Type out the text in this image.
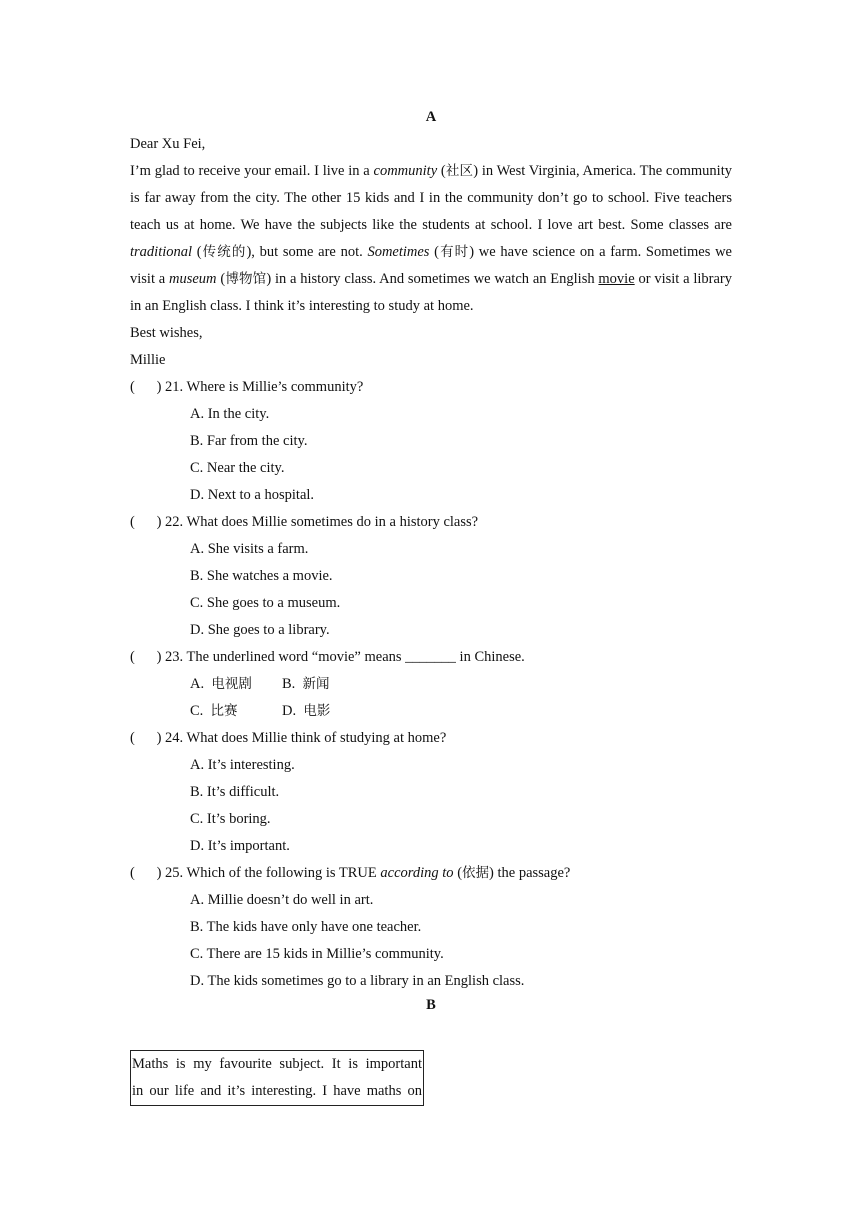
A
Dear Xu Fei,
I’m glad to receive your email. I live in a community (社区) in West Virginia, America. The community is far away from the city. The other 15 kids and I in the community don’t go to school. Five teachers teach us at home. We have the subjects like the students at school. I love art best. Some classes are traditional (传统的), but some are not. Sometimes (有时) we have science on a farm. Sometimes we visit a museum (博物馆) in a history class. And sometimes we watch an English movie or visit a library in an English class. I think it’s interesting to study at home.
Best wishes,
Millie
(      ) 21. Where is Millie’s community?
A. In the city.
B. Far from the city.
C. Near the city.
D. Next to a hospital.
(      ) 22. What does Millie sometimes do in a history class?
A. She visits a farm.
B. She watches a movie.
C. She goes to a museum.
D. She goes to a library.
(      ) 23. The underlined word “movie” means _______ in Chinese.
A. 电视剧 B. 新闻
C. 比赛	D. 电影
(      ) 24. What does Millie think of studying at home?
A. It’s interesting.
B. It’s difficult.
C. It’s boring.
D. It’s important.
(      ) 25. Which of the following is TRUE according to (依据) the passage?
A. Millie doesn’t do well in art.
B. The kids have only have one teacher.
C. There are 15 kids in Millie’s community.
D. The kids sometimes go to a library in an English class.
B
Maths is my favourite subject. It is important
in our life and it’s interesting. I have maths on
